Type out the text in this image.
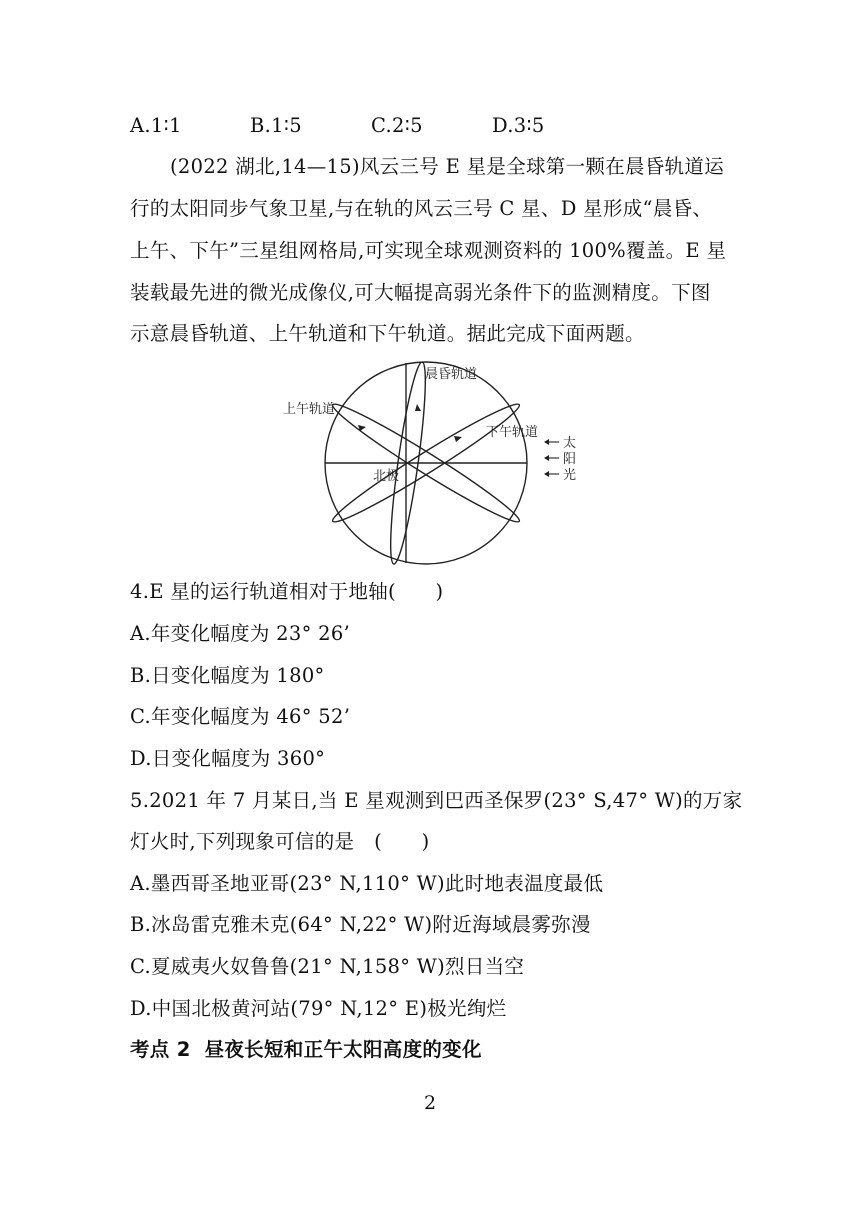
A.1∶1	B.1∶5	C.2∶5	D.3∶5
(2022 湖北,14—15)风云三号 E 星是全球第一颗在晨昏轨道运
行的太阳同步气象卫星,与在轨的风云三号 C 星、D 星形成“晨昏、
上午、下午”三星组网格局,可实现全球观测资料的 100%覆盖。E 星
装载最先进的微光成像仪,可大幅提高弱光条件下的监测精度。下图
示意晨昏轨道、上午轨道和下午轨道。据此完成下面两题。
晨昏轨道
上午轨道
下午轨道
北极
太
阳
光
4.E 星的运行轨道相对于地轴(　　)
A.年变化幅度为 23° 26’
B.日变化幅度为 180°
C.年变化幅度为 46° 52’
D.日变化幅度为 360°
5.2021 年 7 月某日,当 E 星观测到巴西圣保罗(23° S,47° W)的万家
灯火时,下列现象可信的是　(　　)
A.墨西哥圣地亚哥(23° N,110° W)此时地表温度最低
B.冰岛雷克雅未克(64° N,22° W)附近海域晨雾弥漫
C.夏威夷火奴鲁鲁(21° N,158° W)烈日当空
D.中国北极黄河站(79° N,12° E)极光绚烂
考点 2 昼夜长短和正午太阳高度的变化
2
